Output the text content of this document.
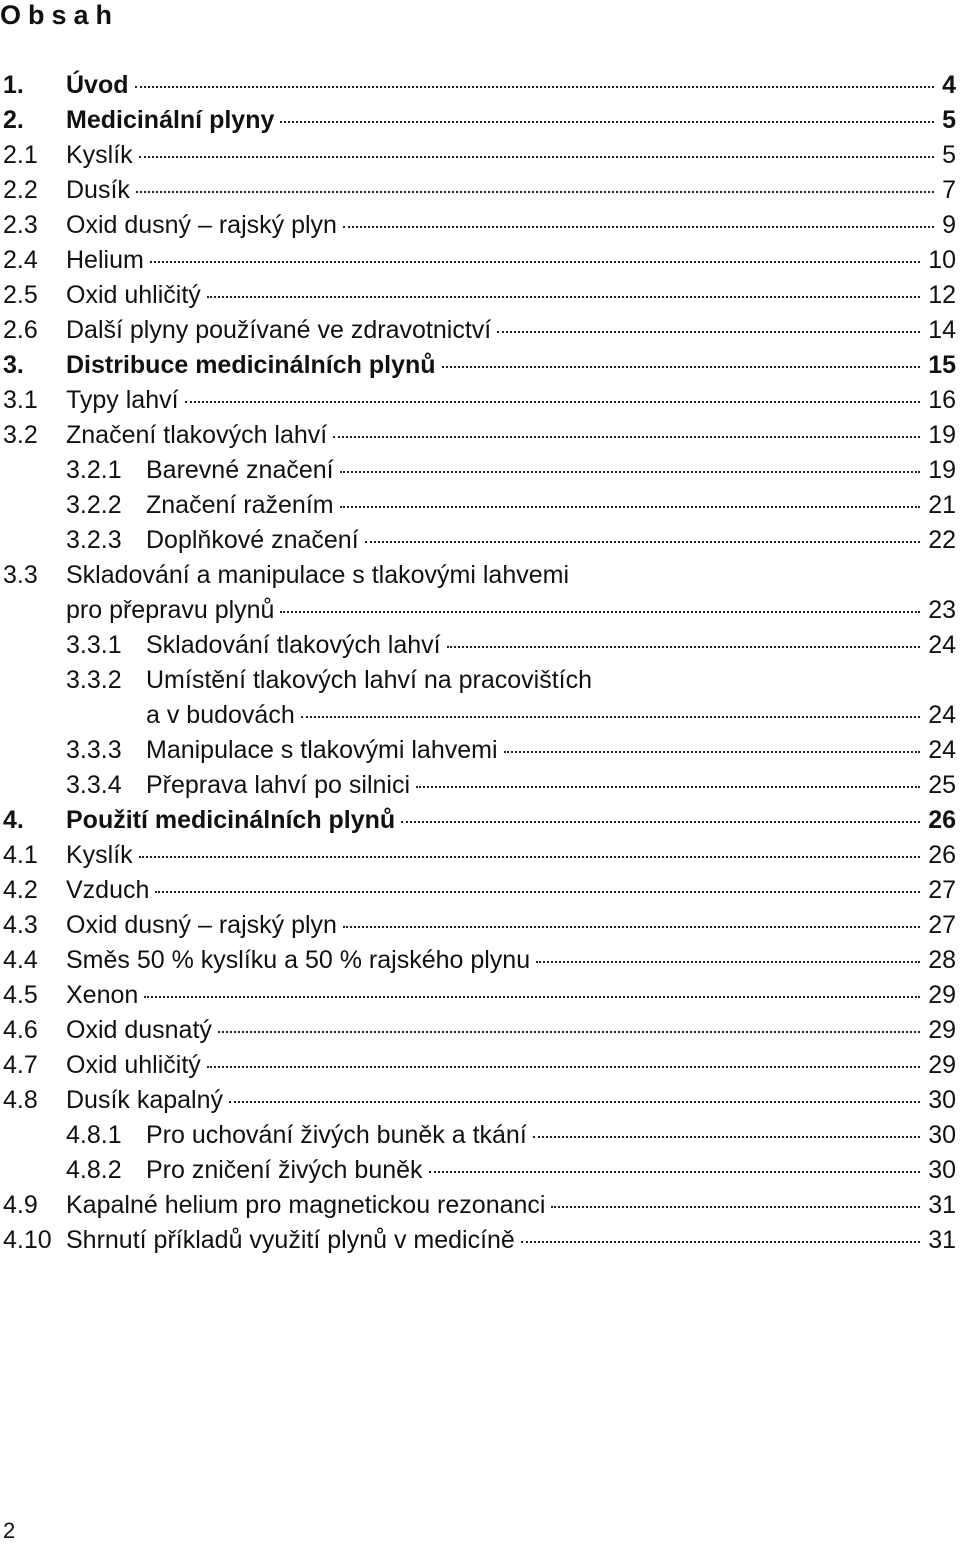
Obsah
1. Úvod	4
2. Medicinální plyny	5
2.1 Kyslík	5
2.2 Dusík	7
2.3 Oxid dusný – rajský plyn	9
2.4 Helium	10
2.5 Oxid uhličitý	12
2.6 Další plyny používané ve zdravotnictví	14
3. Distribuce medicinálních plynů	15
3.1 Typy lahví	16
3.2 Značení tlakových lahví	19
3.2.1 Barevné značení	19
3.2.2 Značení ražením	21
3.2.3 Doplňkové značení	22
3.3 Skladování a manipulace s tlakovými lahvemi
pro přepravu plynů	23
3.3.1 Skladování tlakových lahví	24
3.3.2 Umístění tlakových lahví na pracovištích
a v budovách	24
3.3.3 Manipulace s tlakovými lahvemi	24
3.3.4 Přeprava lahví po silnici	25
4. Použití medicinálních plynů	26
4.1 Kyslík	26
4.2 Vzduch	27
4.3 Oxid dusný – rajský plyn	27
4.4 Směs 50 % kyslíku a 50 % rajského plynu	28
4.5 Xenon	29
4.6 Oxid dusnatý	29
4.7 Oxid uhličitý	29
4.8 Dusík kapalný	30
4.8.1 Pro uchování živých buněk a tkání	30
4.8.2 Pro zničení živých buněk	30
4.9 Kapalné helium pro magnetickou rezonanci	31
4.10 Shrnutí příkladů využití plynů v medicíně	31
2
